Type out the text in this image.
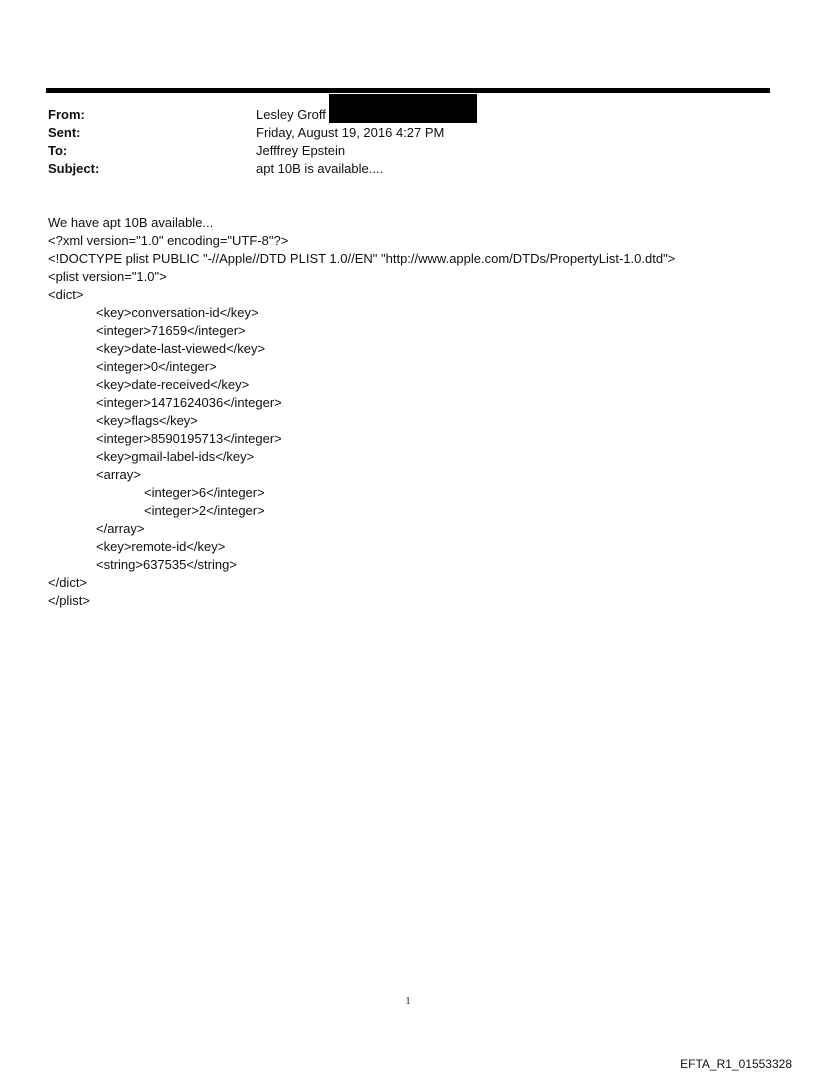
From:	Lesley Groff
Sent:	Friday, August 19, 2016 4:27 PM
To:	Jefffrey Epstein
Subject:	apt 10B is available....
We have apt 10B available...
<?xml version="1.0" encoding="UTF-8"?>
<!DOCTYPE plist PUBLIC "-//Apple//DTD PLIST 1.0//EN" "http://www.apple.com/DTDs/PropertyList-1.0.dtd">
<plist version="1.0">
<dict>
<key>conversation-id</key>
<integer>71659</integer>
<key>date-last-viewed</key>
<integer>0</integer>
<key>date-received</key>
<integer>1471624036</integer>
<key>flags</key>
<integer>8590195713</integer>
<key>gmail-label-ids</key>
<array>
<integer>6</integer>
<integer>2</integer>
</array>
<key>remote-id</key>
<string>637535</string>
</dict>
</plist>
1
EFTA_R1_01553328
